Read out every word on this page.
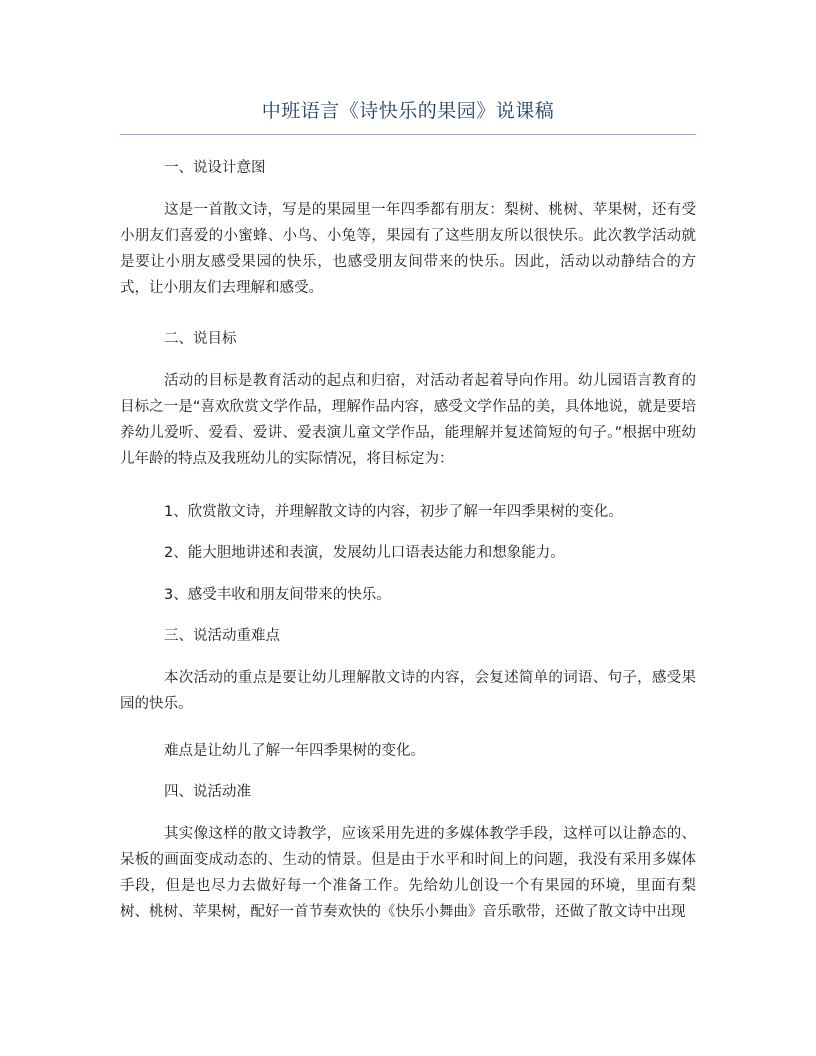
中班语言《诗快乐的果园》说课稿
一、说设计意图
这是一首散文诗，写是的果园里一年四季都有朋友：梨树、桃树、苹果树，还有受小朋友们喜爱的小蜜蜂、小鸟、小兔等，果园有了这些朋友所以很快乐。此次教学活动就是要让小朋友感受果园的快乐，也感受朋友间带来的快乐。因此，活动以动静结合的方式，让小朋友们去理解和感受。
二、说目标
活动的目标是教育活动的起点和归宿，对活动者起着导向作用。幼儿园语言教育的目标之一是“喜欢欣赏文学作品，理解作品内容，感受文学作品的美，具体地说，就是要培养幼儿爱听、爱看、爱讲、爱表演儿童文学作品，能理解并复述简短的句子。”根据中班幼儿年龄的特点及我班幼儿的实际情况，将目标定为：
1、欣赏散文诗，并理解散文诗的内容，初步了解一年四季果树的变化。
2、能大胆地讲述和表演，发展幼儿口语表达能力和想象能力。
3、感受丰收和朋友间带来的快乐。
三、说活动重难点
本次活动的重点是要让幼儿理解散文诗的内容，会复述简单的词语、句子，感受果园的快乐。
难点是让幼儿了解一年四季果树的变化。
四、说活动准
其实像这样的散文诗教学，应该采用先进的多媒体教学手段，这样可以让静态的、呆板的画面变成动态的、生动的情景。但是由于水平和时间上的问题，我没有采用多媒体手段，但是也尽力去做好每一个准备工作。先给幼儿创设一个有果园的环境，里面有梨树、桃树、苹果树，配好一首节奏欢快的《快乐小舞曲》音乐歌带，还做了散文诗中出现
